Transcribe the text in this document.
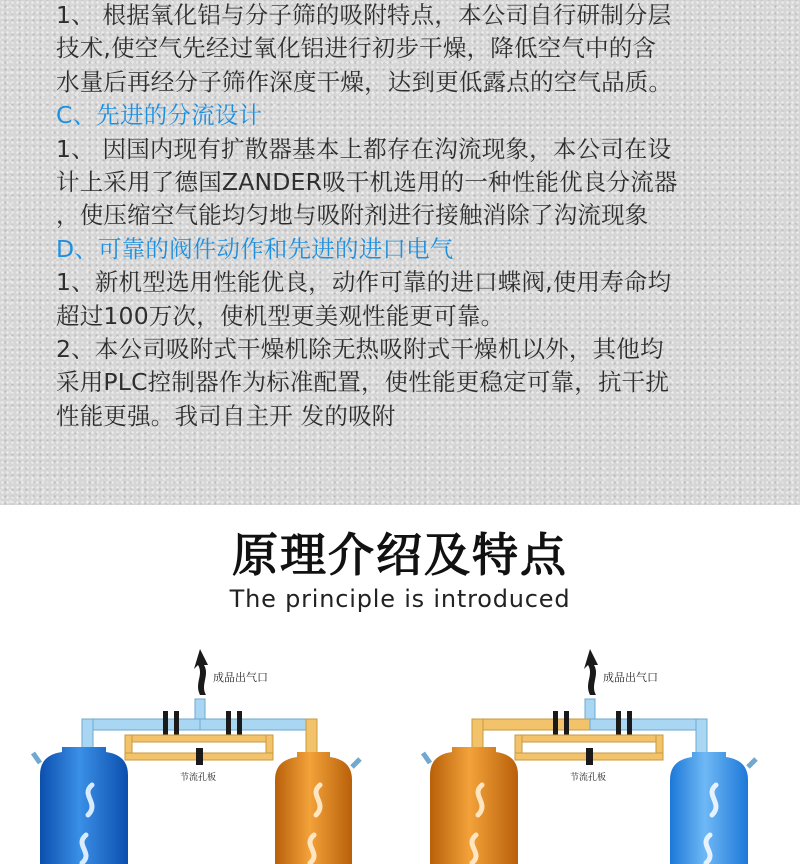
1、 根据氧化铝与分子筛的吸附特点，本公司自行研制分层
技术,使空气先经过氧化铝进行初步干燥，降低空气中的含
水量后再经分子筛作深度干燥，达到更低露点的空气品质。
C、先进的分流设计
1、 因国内现有扩散器基本上都存在沟流现象，本公司在设
计上采用了德国ZANDER吸干机选用的一种性能优良分流器
，使压缩空气能均匀地与吸附剂进行接触消除了沟流现象
D、可靠的阀件动作和先进的进口电气
1、新机型选用性能优良，动作可靠的进口蝶阀,使用寿命均
超过100万次，使机型更美观性能更可靠。
2、本公司吸附式干燥机除无热吸附式干燥机以外，其他均
采用PLC控制器作为标准配置，使性能更稳定可靠，抗干扰
性能更强。我司自主开 发的吸附
原理介绍及特点
The principle is introduced
成品出气口
节流孔板
成品出气口
节流孔板
